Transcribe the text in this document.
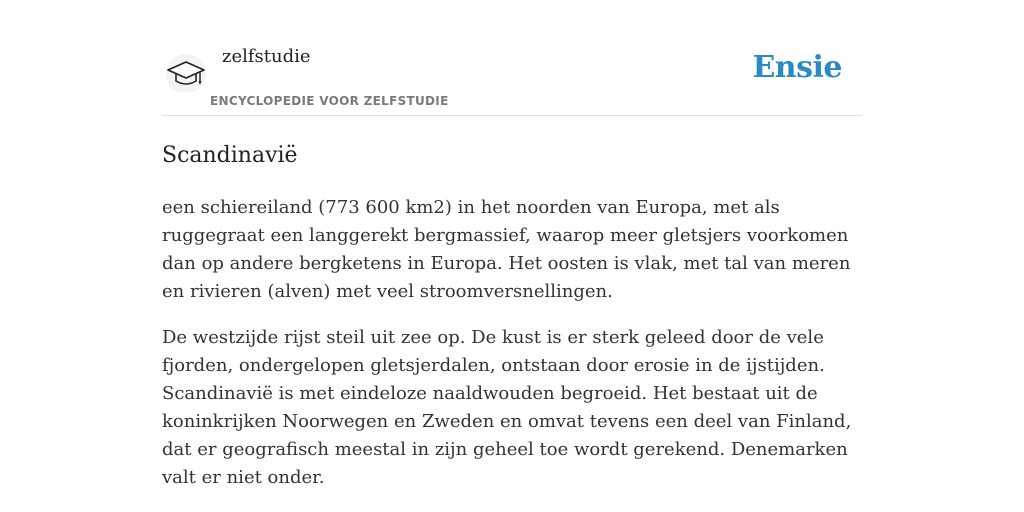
zelfstudie
ENCYCLOPEDIE VOOR ZELFSTUDIE
Ensie
Scandinavië

een schiereiland (773 600 km2) in het noorden van Europa, met als ruggegraat een langgerekt bergmassief, waarop meer gletsjers voorkomen dan op andere bergketens in Europa. Het oosten is vlak, met tal van meren en rivieren (alven) met veel stroomversnellingen.

De westzijde rijst steil uit zee op. De kust is er sterk geleed door de vele fjorden, ondergelopen gletsjerdalen, ontstaan door erosie in de ijstijden. Scandinavië is met eindeloze naaldwouden begroeid. Het bestaat uit de koninkrijken Noorwegen en Zweden en omvat tevens een deel van Finland, dat er geografisch meestal in zijn geheel toe wordt gerekend. Denemarken valt er niet onder.
